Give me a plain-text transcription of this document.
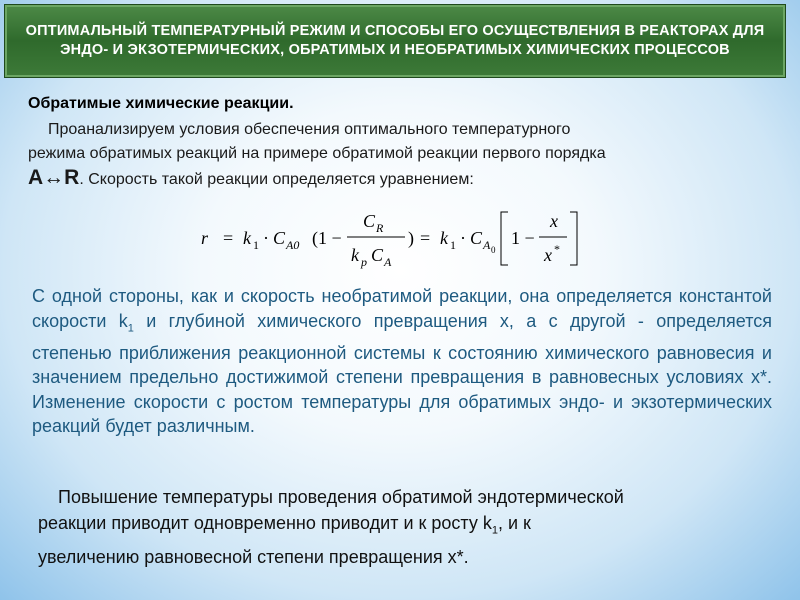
ОПТИМАЛЬНЫЙ ТЕМПЕРАТУРНЫЙ РЕЖИМ И СПОСОБЫ ЕГО ОСУЩЕСТВЛЕНИЯ В РЕАКТОРАХ ДЛЯ ЭНДО- И ЭКЗОТЕРМИЧЕСКИХ, ОБРАТИМЫХ И НЕОБРАТИМЫХ ХИМИЧЕСКИХ ПРОЦЕССОВ
Обратимые химические реакции.

Проанализируем условия обеспечения оптимального температурного

режима обратимых реакций на примере обратимой реакции первого порядка

A↔R. Скорость такой реакции определяется уравнением:

r = k 1 · C A0 (1 −
C R
k p C A
) = k 1 · C A 0
1 −
x
x *
С одной стороны, как и скорость необратимой реакции, она определяется константой скорости $k_1$ и глубиной химического превращения x, а с другой - определяется степенью приближения реакционной системы к состоянию химического равновесия и значением предельно достижимой степени превращения в равновесных условиях x*. Изменение скорости с ростом температуры для обратимых эндо- и экзотермических реакций будет различным.

Повышение температуры проведения обратимой эндотермической

реакции приводит одновременно приводит и к росту $k_1$, и к

увеличению равновесной степени превращения x*.
